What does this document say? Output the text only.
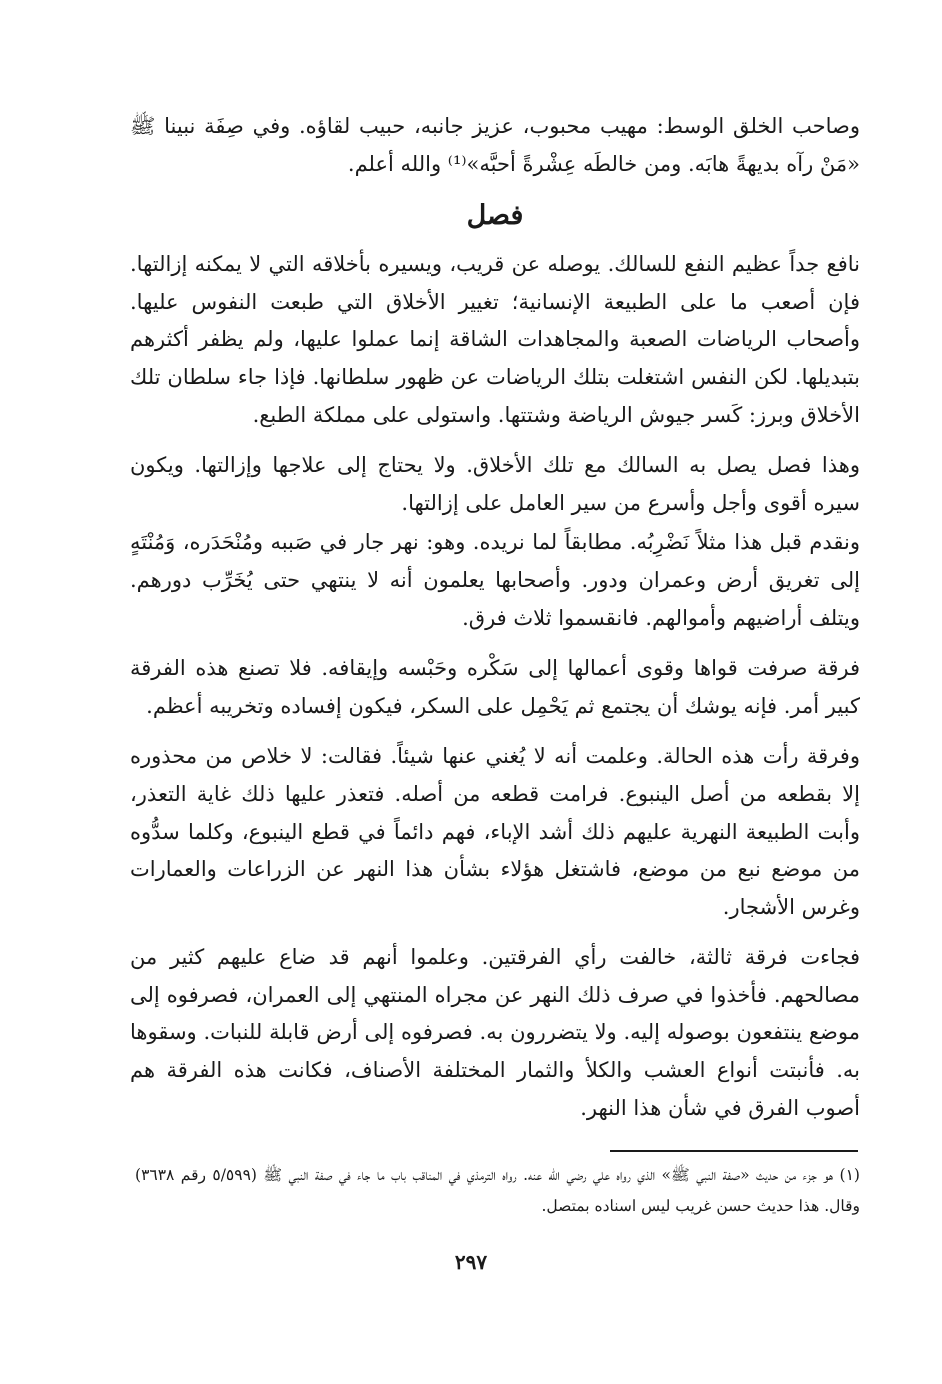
وصاحب الخلق الوسط: مهيب محبوب، عزيز جانبه، حبيب لقاؤه. وفي صِفَة نبينا ﷺ «مَنْ رآه بديهةً هابَه. ومن خالطَه عِشْرةً أحبَّه»⁽¹⁾ والله أعلم.

فصل

نافع جداً عظيم النفع للسالك. يوصله عن قريب، ويسيره بأخلاقه التي لا يمكنه إزالتها. فإن أصعب ما على الطبيعة الإنسانية؛ تغيير الأخلاق التي طبعت النفوس عليها. وأصحاب الرياضات الصعبة والمجاهدات الشاقة إنما عملوا عليها، ولم يظفر أكثرهم بتبديلها. لكن النفس اشتغلت بتلك الرياضات عن ظهور سلطانها. فإذا جاء سلطان تلك الأخلاق وبرز: كَسر جيوش الرياضة وشتتها. واستولى على مملكة الطبع.

وهذا فصل يصل به السالك مع تلك الأخلاق. ولا يحتاج إلى علاجها وإزالتها. ويكون سيره أقوى وأجل وأسرع من سير العامل على إزالتها.

ونقدم قبل هذا مثلاً نَضْرِبُه. مطابقاً لما نريده. وهو: نهر جار في صَببه ومُنْحَدَره، وَمُنْتَهٍ إلى تغريق أرض وعمران ودور. وأصحابها يعلمون أنه لا ينتهي حتى يُخَرِّب دورهم. ويتلف أراضيهم وأموالهم. فانقسموا ثلاث فرق.

فرقة صرفت قواها وقوى أعمالها إلى سَكْره وحَبْسه وإيقافه. فلا تصنع هذه الفرقة كبير أمر. فإنه يوشك أن يجتمع ثم يَحْمِل على السكر، فيكون إفساده وتخريبه أعظم.

وفرقة رأت هذه الحالة. وعلمت أنه لا يُغني عنها شيئاً. فقالت: لا خلاص من محذوره إلا بقطعه من أصل الينبوع. فرامت قطعه من أصله. فتعذر عليها ذلك غاية التعذر، وأبت الطبيعة النهرية عليهم ذلك أشد الإباء، فهم دائماً في قطع الينبوع، وكلما سدُّوه من موضع نبع من موضع، فاشتغل هؤلاء بشأن هذا النهر عن الزراعات والعمارات وغرس الأشجار.

فجاءت فرقة ثالثة، خالفت رأي الفرقتين. وعلموا أنهم قد ضاع عليهم كثير من مصالحهم. فأخذوا في صرف ذلك النهر عن مجراه المنتهي إلى العمران، فصرفوه إلى موضع ينتفعون بوصوله إليه. ولا يتضررون به. فصرفوه إلى أرض قابلة للنبات. وسقوها به. فأنبتت أنواع العشب والكلأ والثمار المختلفة الأصناف، فكانت هذه الفرقة هم أصوب الفرق في شأن هذا النهر.

(١) هو جزء من حديث «صفة النبي ﷺ» الذي رواه علي رضي الله عنه. رواه الترمذي في المناقب باب ما جاء في صفة النبي ﷺ (٥/٥٩٩ رقم ٣٦٣٨) وقال. هذا حديث حسن غريب ليس اسناده بمتصل.
٢٩٧
